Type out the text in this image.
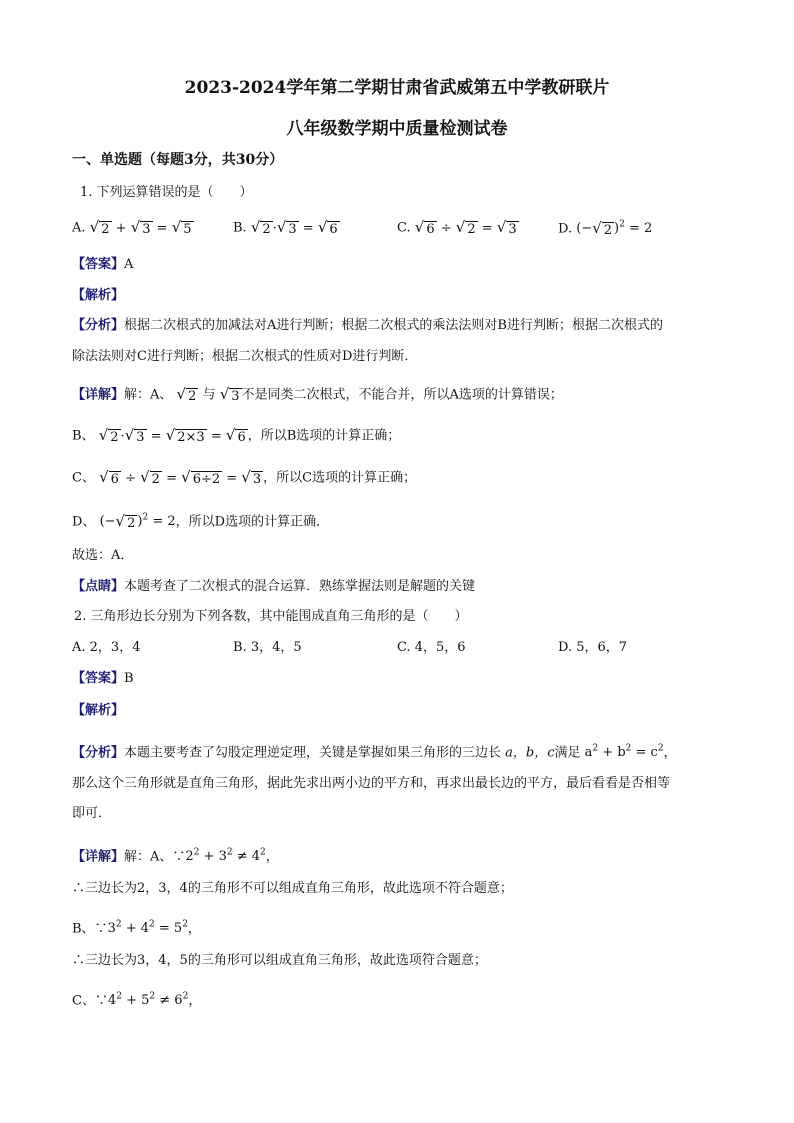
2023-2024学年第二学期甘肃省武威第五中学教研联片
八年级数学期中质量检测试卷
一、单选题（每题3分，共30分）
1. 下列运算错误的是（　　）
A. √ 2 + √ 3 = √ 5	B. √ 2 · √ 3 = √ 6	C. √ 6 ÷ √ 2 = √ 3	D. (− √ 2 )$^2$ = 2
【答案】A
【解析】
【分析】根据二次根式的加减法对A进行判断；根据二次根式的乘法法则对B进行判断；根据二次根式的
除法法则对C进行判断；根据二次根式的性质对D进行判断．
【详解】解：A、 √ 2 与 √ 3 不是同类二次根式，不能合并，所以A选项的计算错误；
B、 √ 2 · √ 3 = √ 2×3 = √ 6 ，所以B选项的计算正确；
C、 √ 6 ÷ √ 2 = √ 6÷2 = √ 3 ，所以C选项的计算正确；
D、 (− √ 2 )$^2$ = 2，所以D选项的计算正确．
故选：A．
【点睛】本题考查了二次根式的混合运算．熟练掌握法则是解题的关键
2. 三角形边长分别为下列各数，其中能围成直角三角形的是（　　）
A. 2，3，4	B. 3，4，5	C. 4，5，6	D. 5，6，7
【答案】B
【解析】
【分析】本题主要考查了勾股定理逆定理，关键是掌握如果三角形的三边长 a，b，c满足 $a^2 + b^2 = c^2$，
那么这个三角形就是直角三角形，据此先求出两小边的平方和，再求出最长边的平方，最后看看是否相等
即可．
【详解】解：A、$\because 2^2 + 3^2 \ne 4^2$，
∴三边长为2，3，4的三角形不可以组成直角三角形，故此选项不符合题意；
B、$\because 3^2 + 4^2 = 5^2$，
∴三边长为3，4，5的三角形可以组成直角三角形，故此选项符合题意；
C、$\because 4^2 + 5^2 \ne 6^2$，
